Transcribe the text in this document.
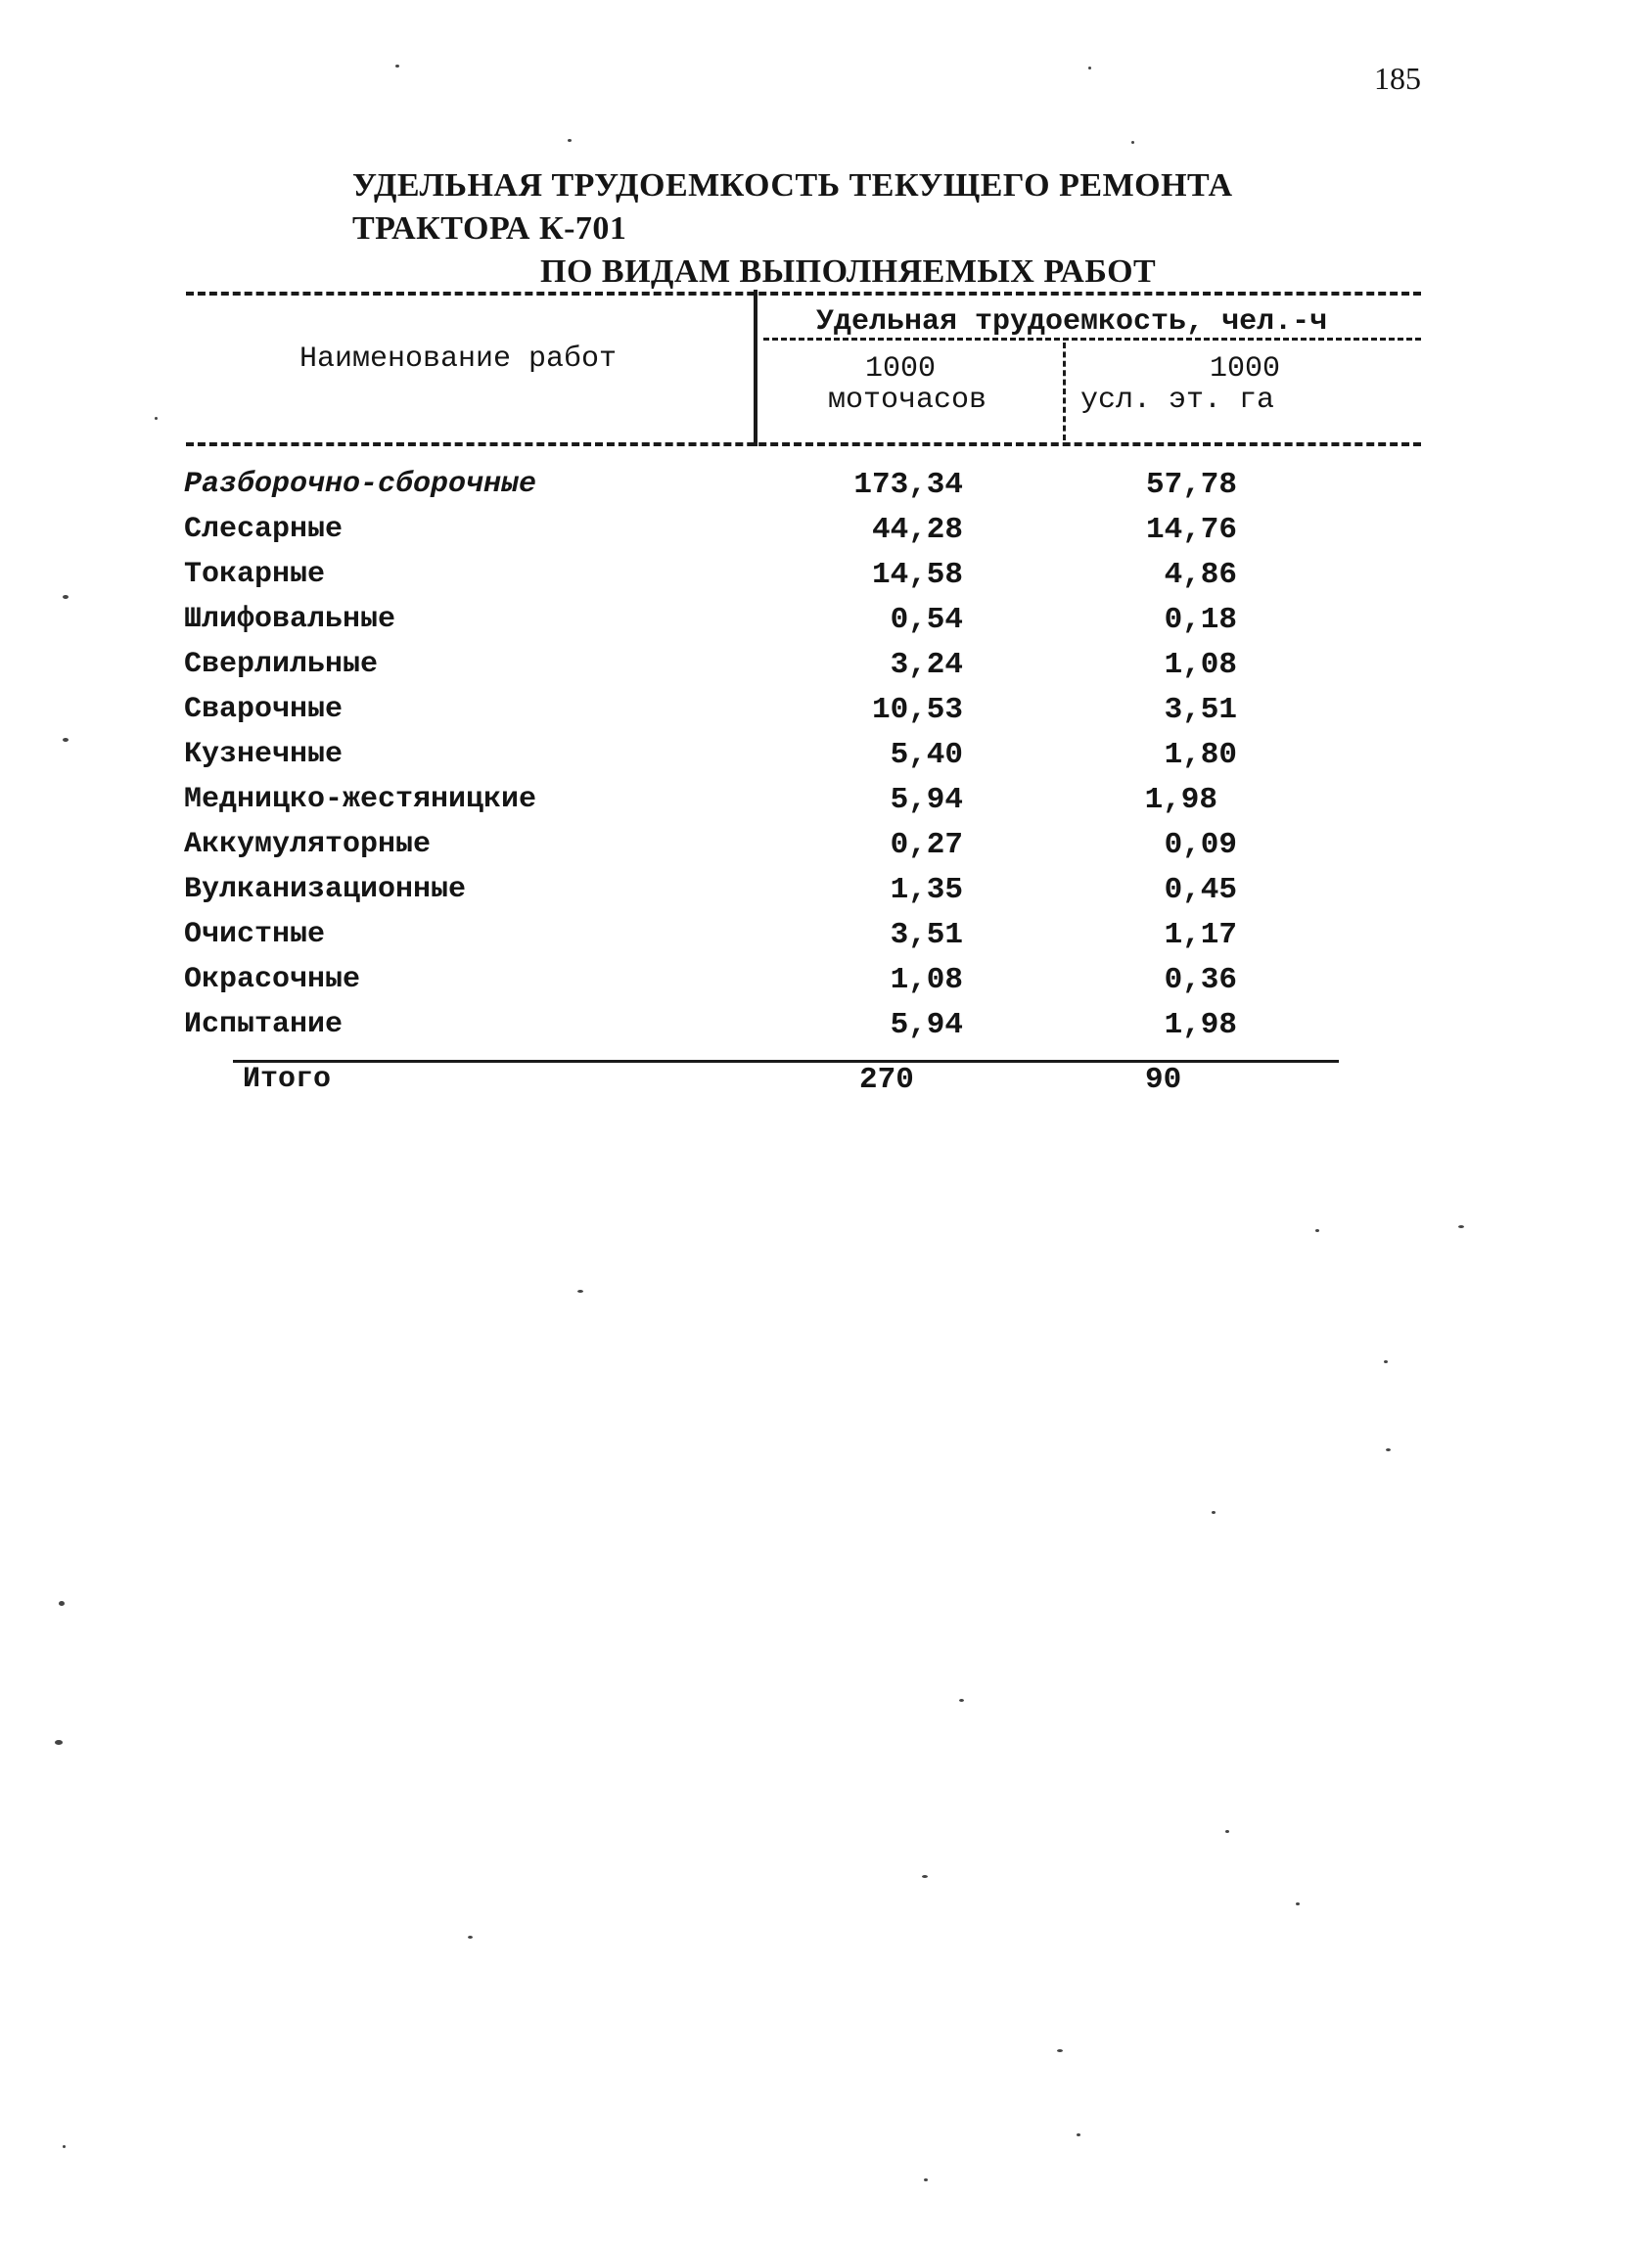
185
УДЕЛЬНАЯ ТРУДОЕМКОСТЬ ТЕКУЩЕГО РЕМОНТА ТРАКТОРА К-701
ПО ВИДАМ ВЫПОЛНЯЕМЫХ РАБОТ
Наименование работ
Удельная трудоемкость, чел.-ч
1000
моточасов
1000
усл. эт. га
Разборочно-сборочные	173,34	57,78
Слесарные	44,28	14,76
Токарные	14,58	4,86
Шлифовальные	0,54	0,18
Сверлильные	3,24	1,08
Сварочные	10,53	3,51
Кузнечные	5,40	1,80
Медницко-жестяницкие	5,94	1,98
Аккумуляторные	0,27	0,09
Вулканизационные	1,35	0,45
Очистные	3,51	1,17
Окрасочные	1,08	0,36
Испытание	5,94	1,98
Итого	270	90
